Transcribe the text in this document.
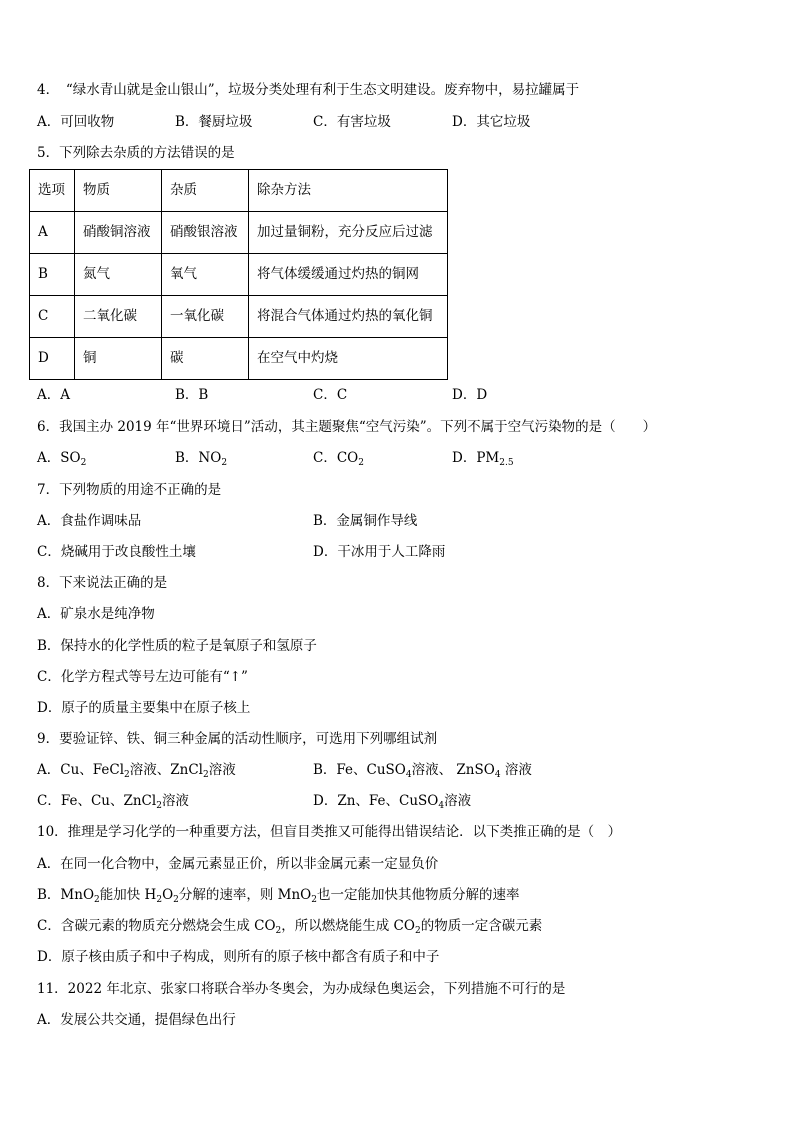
4．　“绿水青山就是金山银山”，垃圾分类处理有利于生态文明建设。废弃物中，易拉罐属于
A．可回收物	B．餐厨垃圾	C．有害垃圾	D．其它垃圾
5．下列除去杂质的方法错误的是
选项	物质	杂质	除杂方法
A	硝酸铜溶液	硝酸银溶液	加过量铜粉，充分反应后过滤
B	氮气	氧气	将气体缓缓通过灼热的铜网
C	二氧化碳	一氧化碳	将混合气体通过灼热的氧化铜
D	铜	碳	在空气中灼烧
A．A	B．B	C．C	D．D
6．我国主办 2019 年“世界环境日”活动，其主题聚焦“空气污染”。下列不属于空气污染物的是（　　）
A．$SO_2$	B．$NO_2$	C．$CO_2$	D．$PM_{2.5}$
7．下列物质的用途不正确的是
A．食盐作调味品	B．金属铜作导线
C．烧碱用于改良酸性土壤	D．干冰用于人工降雨
8．下来说法正确的是
A．矿泉水是纯净物
B．保持水的化学性质的粒子是氧原子和氢原子
C．化学方程式等号左边可能有“↑”
D．原子的质量主要集中在原子核上
9．要验证锌、铁、铜三种金属的活动性顺序，可选用下列哪组试剂
A．Cu、FeCl$_2$溶液、ZnCl$_2$溶液	B．Fe、CuSO$_4$溶液、 ZnSO$_4$ 溶液
C．Fe、Cu、ZnCl$_2$溶液	D．Zn、Fe、CuSO$_4$溶液
10．推理是学习化学的一种重要方法，但盲目类推又可能得出错误结论．以下类推正确的是（　）
A．在同一化合物中，金属元素显正价，所以非金属元素一定显负价
B．MnO$_2$能加快 $H_2O_2$分解的速率，则 MnO$_2$也一定能加快其他物质分解的速率
C．含碳元素的物质充分燃烧会生成 $CO_2$，所以燃烧能生成 $CO_2$的物质一定含碳元素
D．原子核由质子和中子构成，则所有的原子核中都含有质子和中子
11．2022 年北京、张家口将联合举办冬奥会，为办成绿色奥运会，下列措施不可行的是
A．发展公共交通，提倡绿色出行
